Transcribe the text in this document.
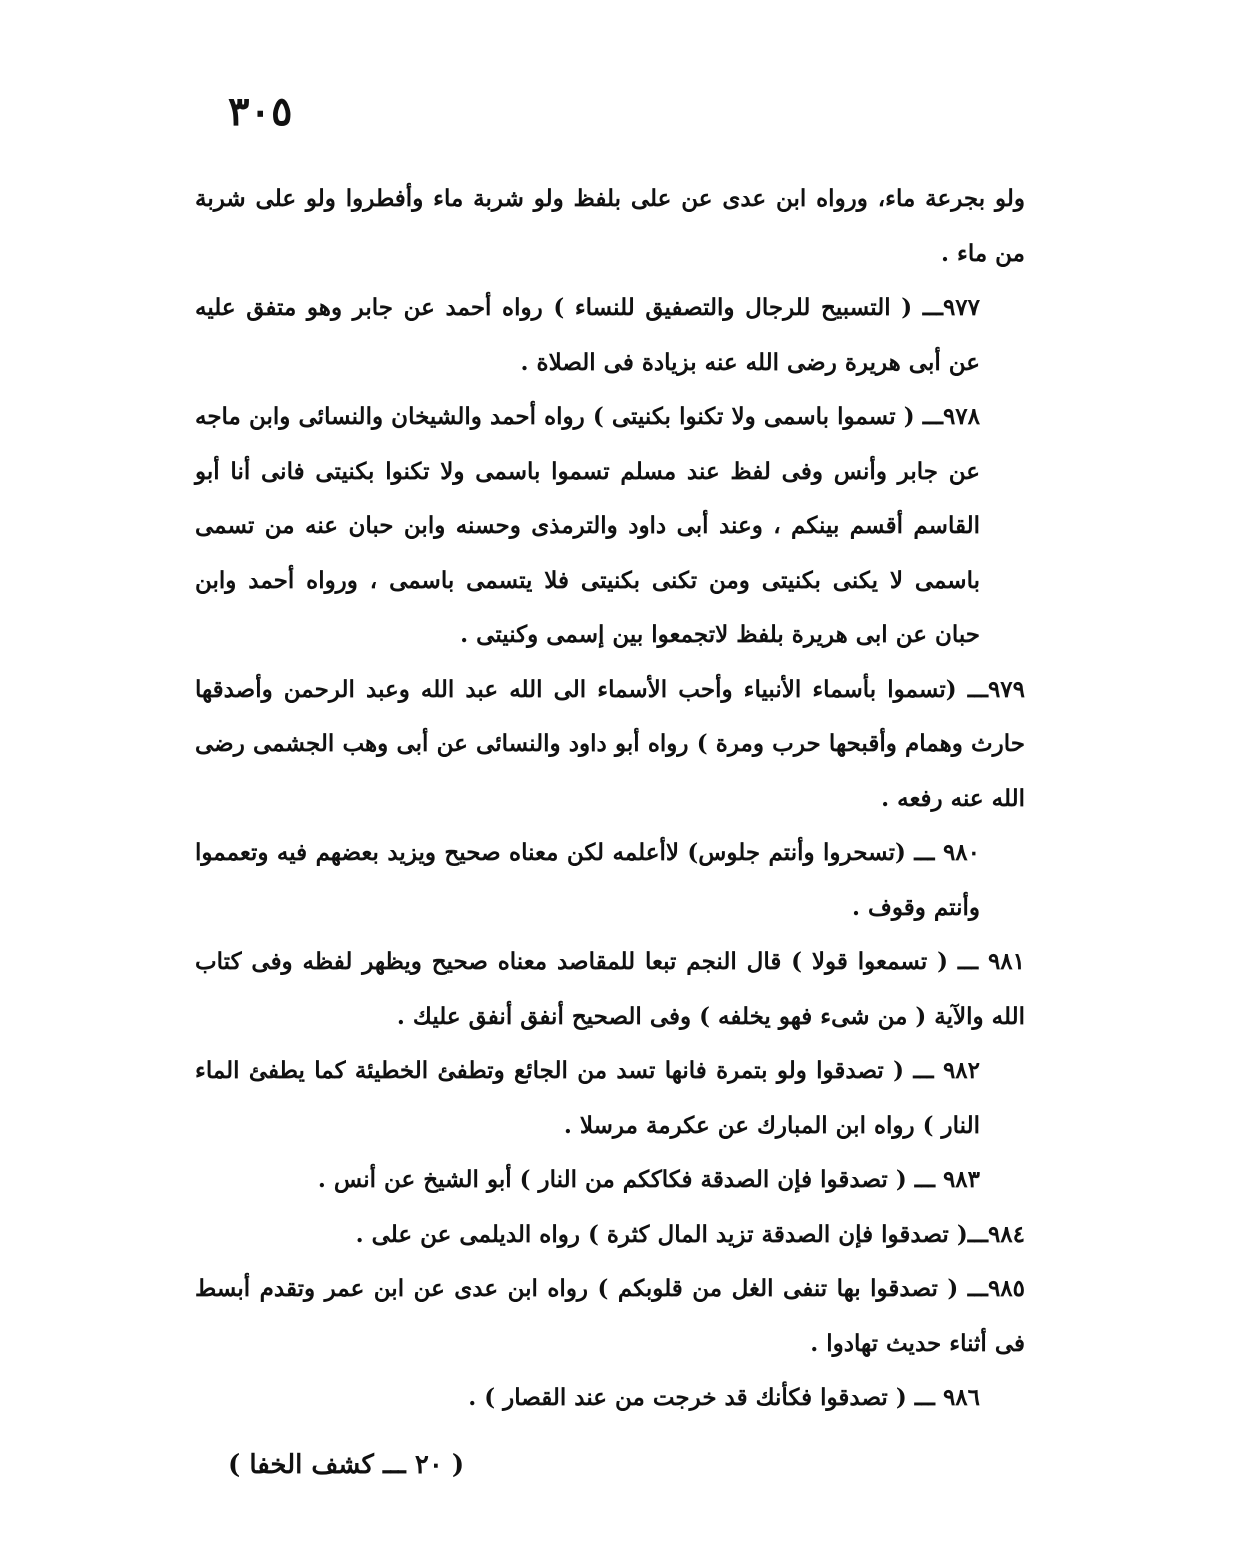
٣٠٥

ولو بجرعة ماء، ورواه ابن عدى عن على بلفظ ولو شربة ماء وأفطروا ولو على شربة من ماء .

٩٧٧ـــ ( التسبيح للرجال والتصفيق للنساء ) رواه أحمد عن جابر وهو متفق عليه عن أبى هريرة رضى الله عنه بزيادة فى الصلاة .

٩٧٨ـــ ( تسموا باسمى ولا تكنوا بكنيتى ) رواه أحمد والشيخان والنسائى وابن ماجه عن جابر وأنس وفى لفظ عند مسلم تسموا باسمى ولا تكنوا بكنيتى فانى أنا أبو القاسم أقسم بينكم ، وعند أبى داود والترمذى وحسنه وابن حبان عنه من تسمى باسمى لا يكنى بكنيتى ومن تكنى بكنيتى فلا يتسمى باسمى ، ورواه أحمد وابن حبان عن ابى هريرة بلفظ لاتجمعوا بين إسمى وكنيتى .

٩٧٩ـــ (تسموا بأسماء الأنبياء وأحب الأسماء الى الله عبد الله وعبد الرحمن وأصدقها حارث وهمام وأقبحها حرب ومرة ) رواه أبو داود والنسائى عن أبى وهب الجشمى رضى الله عنه رفعه .

٩٨٠ ـــ (تسحروا وأنتم جلوس) لاأعلمه لكن معناه صحيح ويزيد بعضهم فيه وتعمموا وأنتم وقوف .

٩٨١ ـــ ( تسمعوا قولا ) قال النجم تبعا للمقاصد معناه صحيح ويظهر لفظه وفى كتاب الله والآية ( من شىء فهو يخلفه ) وفى الصحيح أنفق أنفق عليك .

٩٨٢ ـــ ( تصدقوا ولو بتمرة فانها تسد من الجائع وتطفئ الخطيئة كما يطفئ الماء النار ) رواه ابن المبارك عن عكرمة مرسلا .

٩٨٣ ـــ ( تصدقوا فإن الصدقة فكاككم من النار ) أبو الشيخ عن أنس .

٩٨٤ـــ( تصدقوا فإن الصدقة تزيد المال كثرة ) رواه الديلمى عن على .

٩٨٥ـــ ( تصدقوا بها تنفى الغل من قلوبكم ) رواه ابن عدى عن ابن عمر وتقدم أبسط فى أثناء حديث تهادوا .

٩٨٦ ـــ ( تصدقوا فكأنك قد خرجت من عند القصار ) .

( ٢٠ ـــ كشف الخفا )
